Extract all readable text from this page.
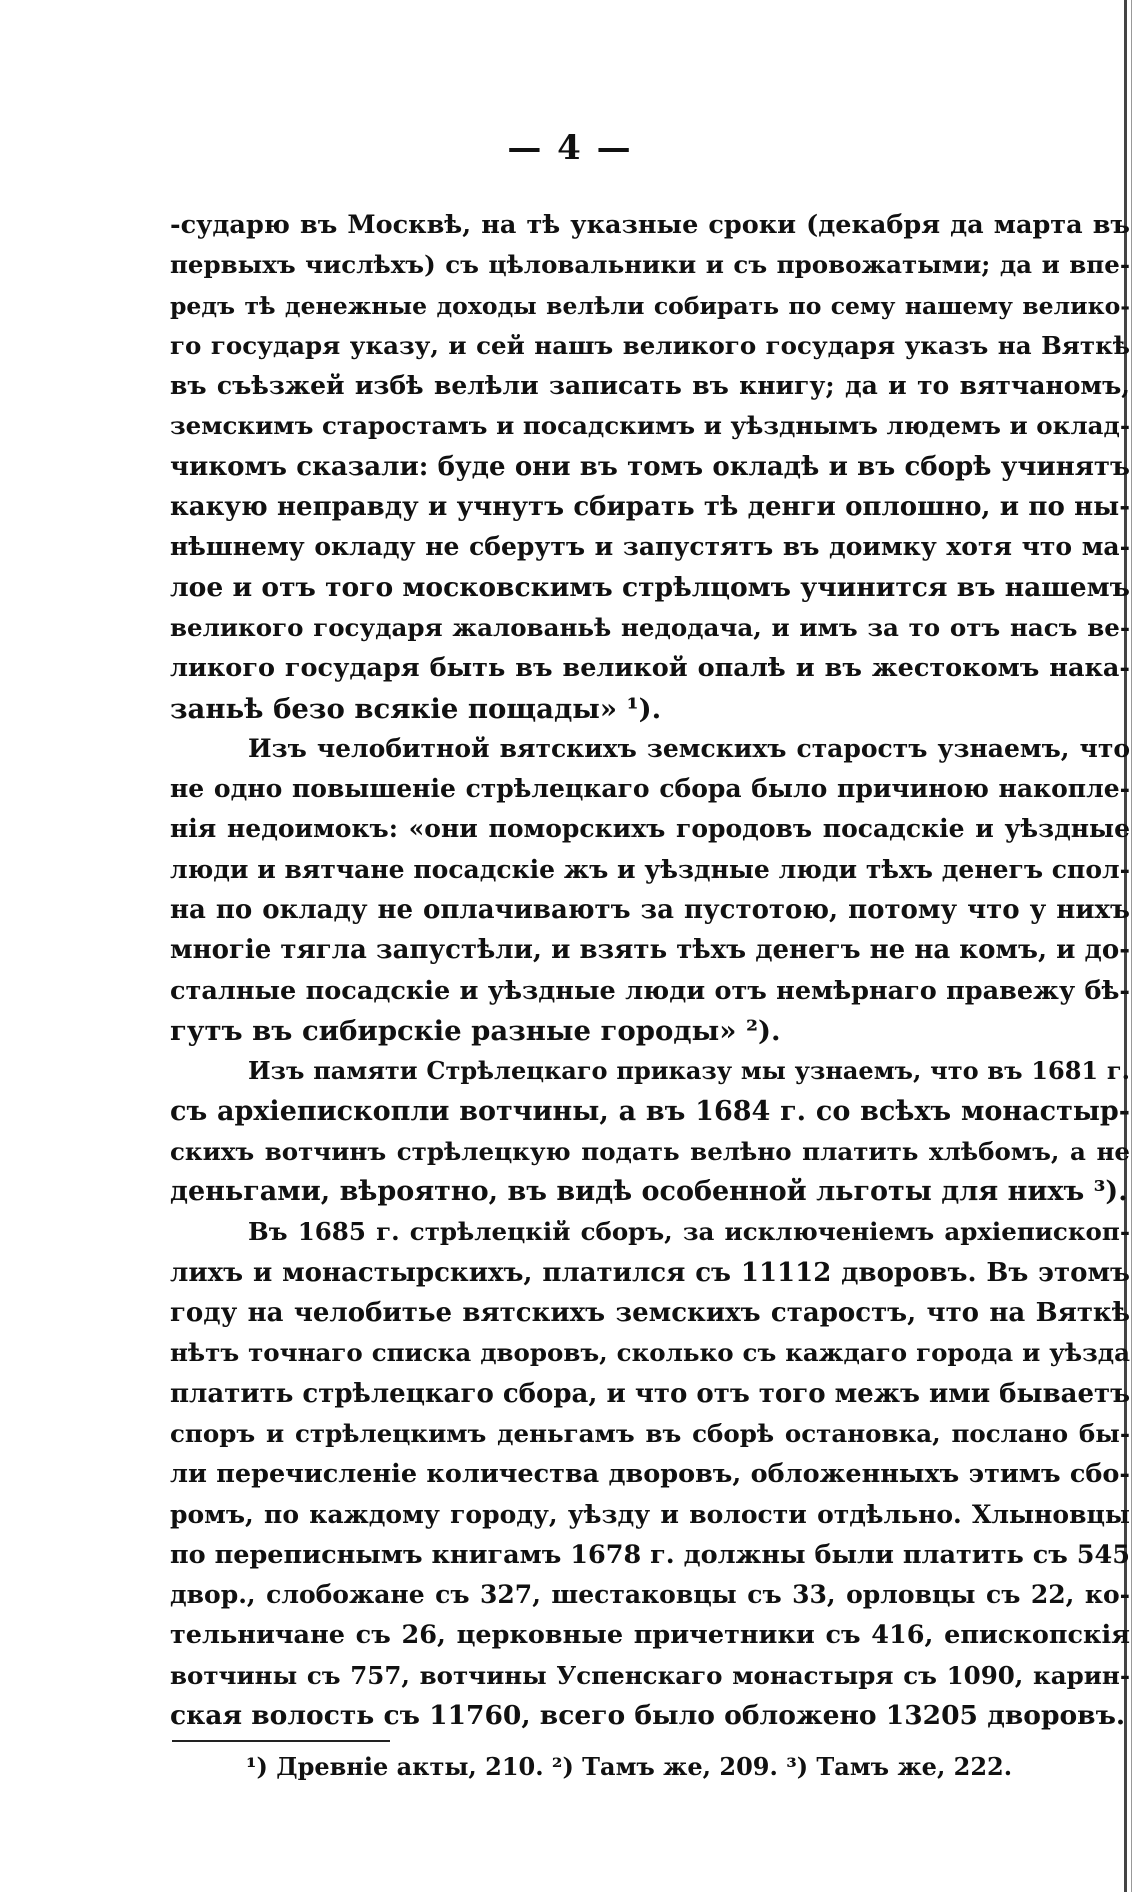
— 4 —
-сударю въ Москвѣ, на тѣ указные сроки (декабря да марта въ
первыхъ числѣхъ) съ цѣловальники и съ провожатыми; да и впе-
редъ тѣ денежные доходы велѣли собирать по сему нашему велико-
го государя указу, и сей нашъ великого государя указъ на Вяткѣ
въ съѣзжей избѣ велѣли записать въ книгу; да и то вятчаномъ,
земскимъ старостамъ и посадскимъ и уѣзднымъ людемъ и оклад-
чикомъ сказали: буде они въ томъ окладѣ и въ сборѣ учинятъ
какую неправду и учнутъ сбирать тѣ денги оплошно, и по ны-
нѣшнему окладу не сберутъ и запустятъ въ доимку хотя что ма-
лое и отъ того московскимъ стрѣлцомъ учинится въ нашемъ
великого государя жалованьѣ недодача, и имъ за то отъ насъ ве-
ликого государя быть въ великой опалѣ и въ жестокомъ нака-
заньѣ безо всякіе пощады» ¹).
Изъ челобитной вятскихъ земскихъ старостъ узнаемъ, что
не одно повышеніе стрѣлецкаго сбора было причиною накопле-
нія недоимокъ: «они поморскихъ городовъ посадскіе и уѣздные
люди и вятчане посадскіе жъ и уѣздные люди тѣхъ денегъ спол-
на по окладу не оплачиваютъ за пустотою, потому что у нихъ
многіе тягла запустѣли, и взять тѣхъ денегъ не на комъ, и до-
сталные посадскіе и уѣздные люди отъ немѣрнаго правежу бѣ-
гутъ въ сибирскіе разные городы» ²).
Изъ памяти Стрѣлецкаго приказу мы узнаемъ, что въ 1681 г.
съ архіепископли вотчины, а въ 1684 г. со всѣхъ монастыр-
скихъ вотчинъ стрѣлецкую подать велѣно платить хлѣбомъ, а не
деньгами, вѣроятно, въ видѣ особенной льготы для нихъ ³).
Въ 1685 г. стрѣлецкій сборъ, за исключеніемъ архіепископ-
лихъ и монастырскихъ, платился съ 11112 дворовъ. Въ этомъ
году на челобитье вятскихъ земскихъ старостъ, что на Вяткѣ
нѣтъ точнаго списка дворовъ, сколько съ каждаго города и уѣзда
платить стрѣлецкаго сбора, и что отъ того межъ ими бываетъ
споръ и стрѣлецкимъ деньгамъ въ сборѣ остановка, послано бы-
ли перечисленіе количества дворовъ, обложенныхъ этимъ сбо-
ромъ, по каждому городу, уѣзду и волости отдѣльно. Хлыновцы
по переписнымъ книгамъ 1678 г. должны были платить съ 545
двор., слобожане съ 327, шестаковцы съ 33, орловцы съ 22, ко-
тельничане съ 26, церковные причетники съ 416, епископскія
вотчины съ 757, вотчины Успенскаго монастыря съ 1090, карин-
ская волость съ 11760, всего было обложено 13205 дворовъ.
¹) Древніе акты, 210. ²) Тамъ же, 209. ³) Тамъ же, 222.
